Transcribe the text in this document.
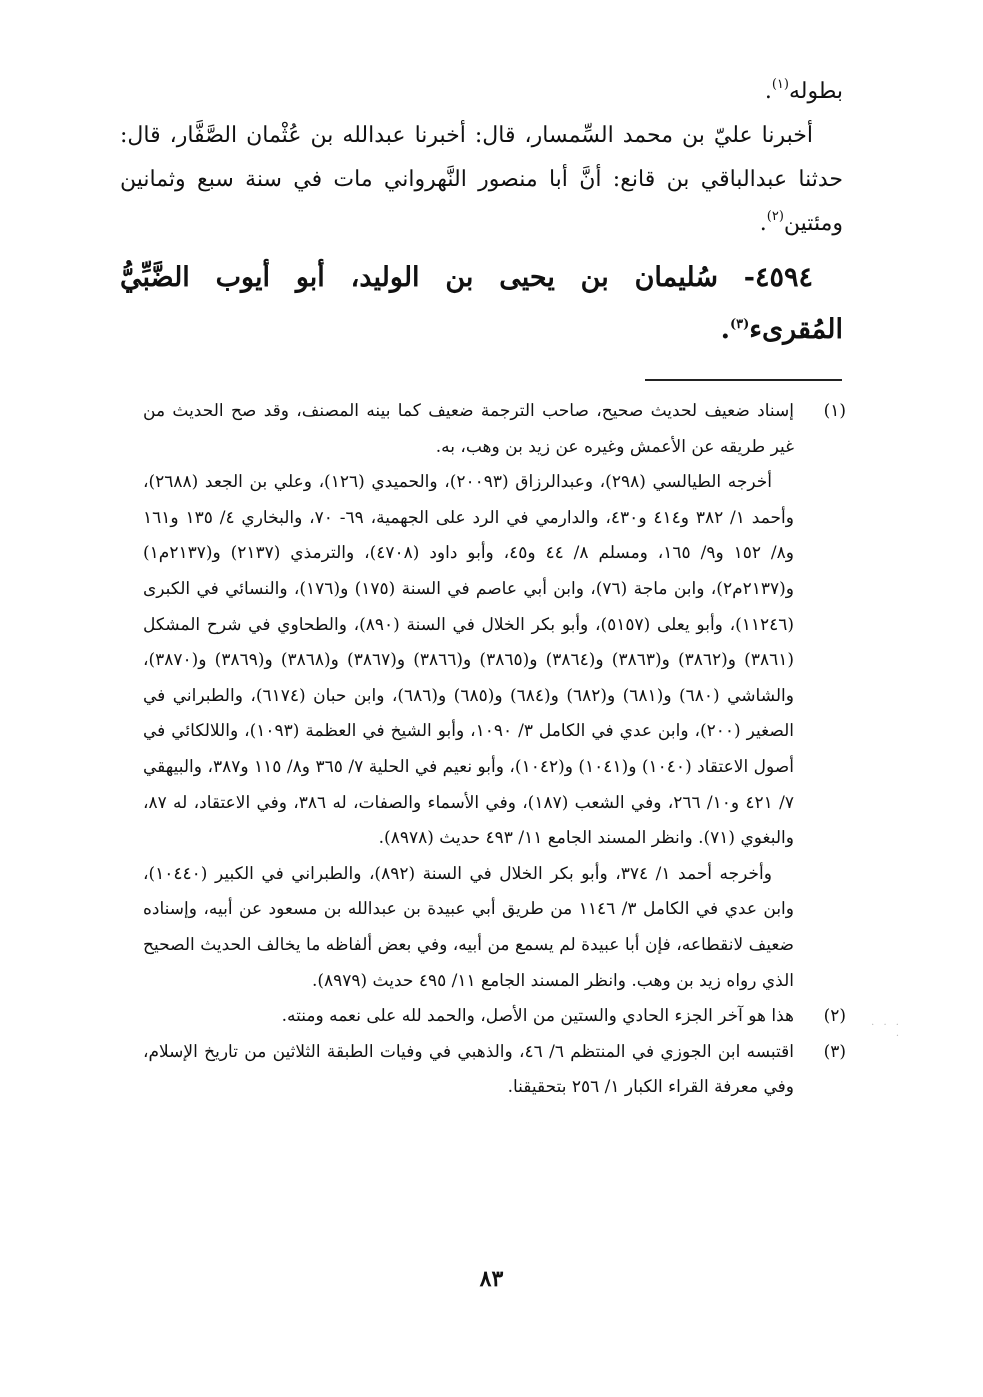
بطوله$^{(١)}$.

أخبرنا عليّ بن محمد السِّمسار، قال: أخبرنا عبدالله بن عُثْمان الصَّفَّار، قال: حدثنا عبدالباقي بن قانع: أنَّ أبا منصور النَّهرواني مات في سنة سبع وثمانين ومئتين$^{(٢)}$.

٤٥٩٤- سُليمان بن يحيى بن الوليد، أبو أيوب الضَّبِّيُّ المُقرىء$^{(٣)}$.

(١)

إسناد ضعيف لحديث صحيح، صاحب الترجمة ضعيف كما بينه المصنف، وقد صح الحديث من غير طريقه عن الأعمش وغيره عن زيد بن وهب، به.

أخرجه الطيالسي (٢٩٨)، وعبدالرزاق (٢٠٠٩٣)، والحميدي (١٢٦)، وعلي بن الجعد (٢٦٨٨)، وأحمد ١/ ٣٨٢ و٤١٤ و٤٣٠، والدارمي في الرد على الجهمية، ٦٩- ٧٠، والبخاري ٤/ ١٣٥ و١٦١ و٨/ ١٥٢ و٩/ ١٦٥، ومسلم ٨/ ٤٤ و٤٥، وأبو داود (٤٧٠٨)، والترمذي (٢١٣٧) و(٢١٣٧م١) و(٢١٣٧م٢)، وابن ماجة (٧٦)، وابن أبي عاصم في السنة (١٧٥) و(١٧٦)، والنسائي في الكبرى (١١٢٤٦)، وأبو يعلى (٥١٥٧)، وأبو بكر الخلال في السنة (٨٩٠)، والطحاوي في شرح المشكل (٣٨٦١) و(٣٨٦٢) و(٣٨٦٣) و(٣٨٦٤) و(٣٨٦٥) و(٣٨٦٦) و(٣٨٦٧) و(٣٨٦٨) و(٣٨٦٩) و(٣٨٧٠)، والشاشي (٦٨٠) و(٦٨١) و(٦٨٢) و(٦٨٤) و(٦٨٥) و(٦٨٦)، وابن حبان (٦١٧٤)، والطبراني في الصغير (٢٠٠)، وابن عدي في الكامل ٣/ ١٠٩٠، وأبو الشيخ في العظمة (١٠٩٣)، واللالكائي في أصول الاعتقاد (١٠٤٠) و(١٠٤١) و(١٠٤٢)، وأبو نعيم في الحلية ٧/ ٣٦٥ و٨/ ١١٥ و٣٨٧، والبيهقي ٧/ ٤٢١ و١٠/ ٢٦٦، وفي الشعب (١٨٧)، وفي الأسماء والصفات، له ٣٨٦، وفي الاعتقاد، له ٨٧، والبغوي (٧١). وانظر المسند الجامع ١١/ ٤٩٣ حديث (٨٩٧٨).

وأخرجه أحمد ١/ ٣٧٤، وأبو بكر الخلال في السنة (٨٩٢)، والطبراني في الكبير (١٠٤٤٠)، وابن عدي في الكامل ٣/ ١١٤٦ من طريق أبي عبيدة بن عبدالله بن مسعود عن أبيه، وإسناده ضعيف لانقطاعه، فإن أبا عبيدة لم يسمع من أبيه، وفي بعض ألفاظه ما يخالف الحديث الصحيح الذي رواه زيد بن وهب. وانظر المسند الجامع ١١/ ٤٩٥ حديث (٨٩٧٩).

(٢)

هذا هو آخر الجزء الحادي والستين من الأصل، والحمد لله على نعمه ومنته.

(٣)

اقتبسه ابن الجوزي في المنتظم ٦/ ٤٦، والذهبي في وفيات الطبقة الثلاثين من تاريخ الإسلام، وفي معرفة القراء الكبار ١/ ٢٥٦ بتحقيقنا.

· · · ·
٨٣
